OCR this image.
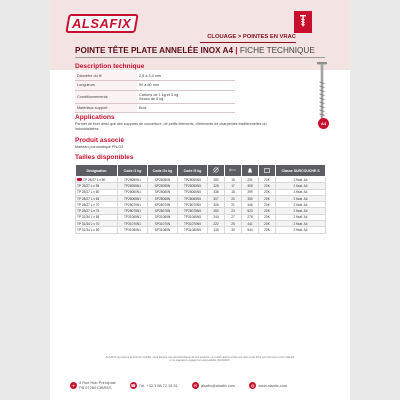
ALSAFIX
CLOUAGE > POINTES EN VRAC
POINTE TÊTE PLATE ANNELÉE INOX A4 | FICHE TECHNIQUE
Description technique
Diamètre du fil	2,8 à 3,4 mm
Longueurs	50 à 80 mm
Conditionnements	Cartons de 1 kg et 5 kg
Seaux de 5 kg

Matériaux support	Bois
A4
Applications
Permet de fixer ainsi que des supports de couverture, de petits éléments, d'éléments de charpentes traditionnelles ou industrialisées.
Produit associé
Marteau pneumatique PN-G2
Tailles disponibles
Désignation	Code /1 kg	Code /2x kg	Code /5 kg					Classe SURCOUCHE S
TP 28/27 L x 50	TP28050N1	SP28050N	TP28050N5	280	15	231	20K	2 fixat. A4
TP 28/27 L x 55	TP28055N1	SP28055N	TP28055N5	328	17	305	20K	2 fixat. A4
TP 28/27 L x 60	TP28060N1	SP28060N	TP28060N5	336	18	299	20K	2 fixat. A4
TP 28/27 L x 65	TP28065N1	SP28065N	TP28065N5	307	20	350	20K	2 fixat. A4
TP 28/27 L x 70	TP28070N1	SP28070N	TP28070N5	306	21	448	20K	2 fixat. A4
TP 28/27 L x 75	TP28075N1	SP28075N	TP28075N5	280	23	523	20K	2 fixat. A4
TP 31/34 L x 65	TP31065N1	SP31065N	TP31065N5	244	27	278	20K	2 fixat. A4
TP 31/34 L x 70	TP31070N1	SP31070N	TP31070N5	222	25	441	20K	2 fixat. A4
TP 31/34 L x 80	TP31080N1	SP31080N	TP31080N5	130	30	544	20K	2 fixat. A4
ALSAFIX se réserve le droit de modifier, sans préavis, les caractéristiques de ses produits. Les informations contenues dans cette fiche sont données à titre indicatif et ne sauraient engager la responsabilité d'ALSAFIX.
⌖	3 Rue Hub Principale
PB 67260 CIBRES	☎ Tél. +33 3 88 72 15 51	✉ alsafix@alsafix.com	◍ www.alsafix.com
